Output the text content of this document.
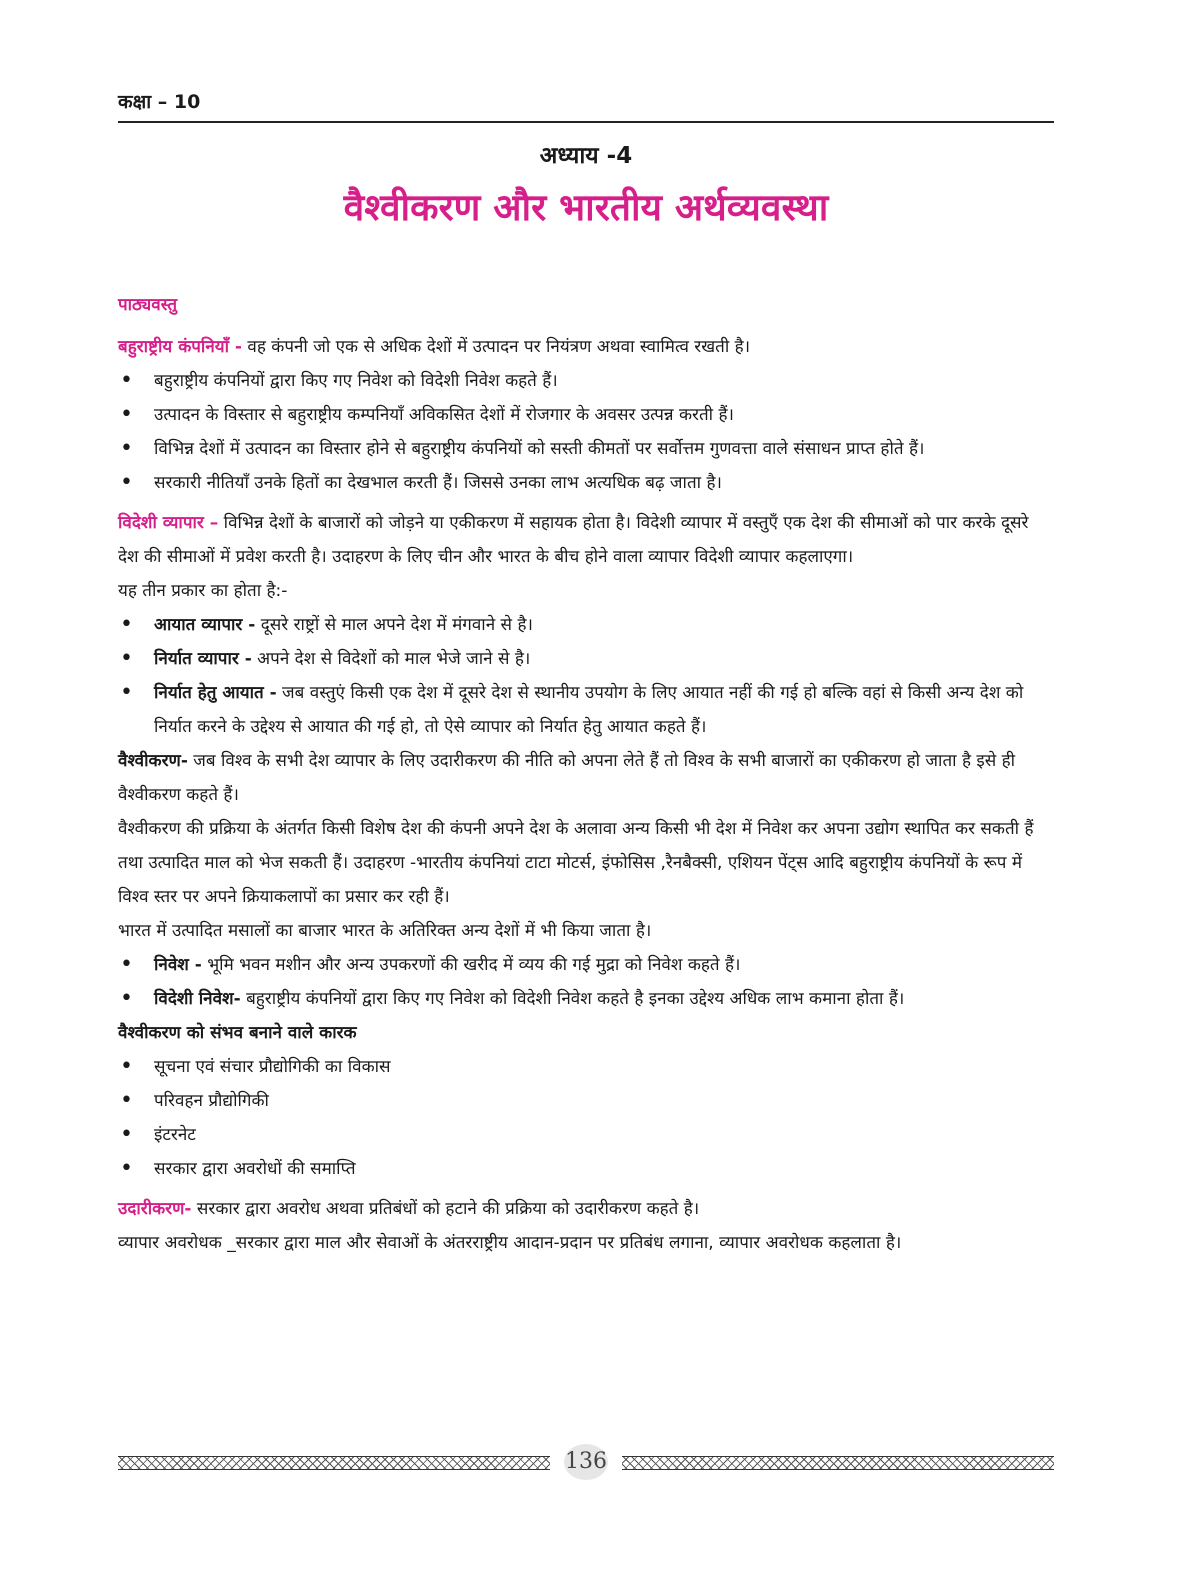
कक्षा – 10
अध्याय -4
वैश्वीकरण और भारतीय अर्थव्यवस्था

पाठ्यवस्तु

बहुराष्ट्रीय कंपनियाँ - वह कंपनी जो एक से अधिक देशों में उत्पादन पर नियंत्रण अथवा स्वामित्व रखती है।

• बहुराष्ट्रीय कंपनियों द्वारा किए गए निवेश को विदेशी निवेश कहते हैं।
• उत्पादन के विस्तार से बहुराष्ट्रीय कम्पनियाँ अविकसित देशों में रोजगार के अवसर उत्पन्न करती हैं।
• विभिन्न देशों में उत्पादन का विस्तार होने से बहुराष्ट्रीय कंपनियों को सस्ती कीमतों पर सर्वोत्तम गुणवत्ता वाले संसाधन प्राप्त होते हैं।
• सरकारी नीतियाँ उनके हितों का देखभाल करती हैं। जिससे उनका लाभ अत्यधिक बढ़ जाता है।

विदेशी व्यापार – विभिन्न देशों के बाजारों को जोड़ने या एकीकरण में सहायक होता है। विदेशी व्यापार में वस्तुएँ एक देश की सीमाओं को पार करके दूसरे देश की सीमाओं में प्रवेश करती है। उदाहरण के लिए चीन और भारत के बीच होने वाला व्यापार विदेशी व्यापार कहलाएगा।

यह तीन प्रकार का होता है:-

• आयात व्यापार - दूसरे राष्ट्रों से माल अपने देश में मंगवाने से है।
• निर्यात व्यापार - अपने देश से विदेशों को माल भेजे जाने से है।
• निर्यात हेतु आयात - जब वस्तुएं किसी एक देश में दूसरे देश से स्थानीय उपयोग के लिए आयात नहीं की गई हो बल्कि वहां से किसी अन्य देश को निर्यात करने के उद्देश्य से आयात की गई हो, तो ऐसे व्यापार को निर्यात हेतु आयात कहते हैं।

वैश्वीकरण- जब विश्व के सभी देश व्यापार के लिए उदारीकरण की नीति को अपना लेते हैं तो विश्व के सभी बाजारों का एकीकरण हो जाता है इसे ही वैश्वीकरण कहते हैं।

वैश्वीकरण की प्रक्रिया के अंतर्गत किसी विशेष देश की कंपनी अपने देश के अलावा अन्य किसी भी देश में निवेश कर अपना उद्योग स्थापित कर सकती हैं तथा उत्पादित माल को भेज सकती हैं। उदाहरण -भारतीय कंपनियां टाटा मोटर्स, इंफोसिस ,रैनबैक्सी, एशियन पेंट्स आदि बहुराष्ट्रीय कंपनियों के रूप में विश्व स्तर पर अपने क्रियाकलापों का प्रसार कर रही हैं।

भारत में उत्पादित मसालों का बाजार भारत के अतिरिक्त अन्य देशों में भी किया जाता है।

• निवेश - भूमि भवन मशीन और अन्य उपकरणों की खरीद में व्यय की गई मुद्रा को निवेश कहते हैं।
• विदेशी निवेश- बहुराष्ट्रीय कंपनियों द्वारा किए गए निवेश को विदेशी निवेश कहते है इनका उद्देश्य अधिक लाभ कमाना होता हैं।

वैश्वीकरण को संभव बनाने वाले कारक

• सूचना एवं संचार प्रौद्योगिकी का विकास
• परिवहन प्रौद्योगिकी
• इंटरनेट
• सरकार द्वारा अवरोधों की समाप्ति

उदारीकरण- सरकार द्वारा अवरोध अथवा प्रतिबंधों को हटाने की प्रक्रिया को उदारीकरण कहते है।

व्यापार अवरोधक _सरकार द्वारा माल और सेवाओं के अंतरराष्ट्रीय आदान-प्रदान पर प्रतिबंध लगाना, व्यापार अवरोधक कहलाता है।

136
